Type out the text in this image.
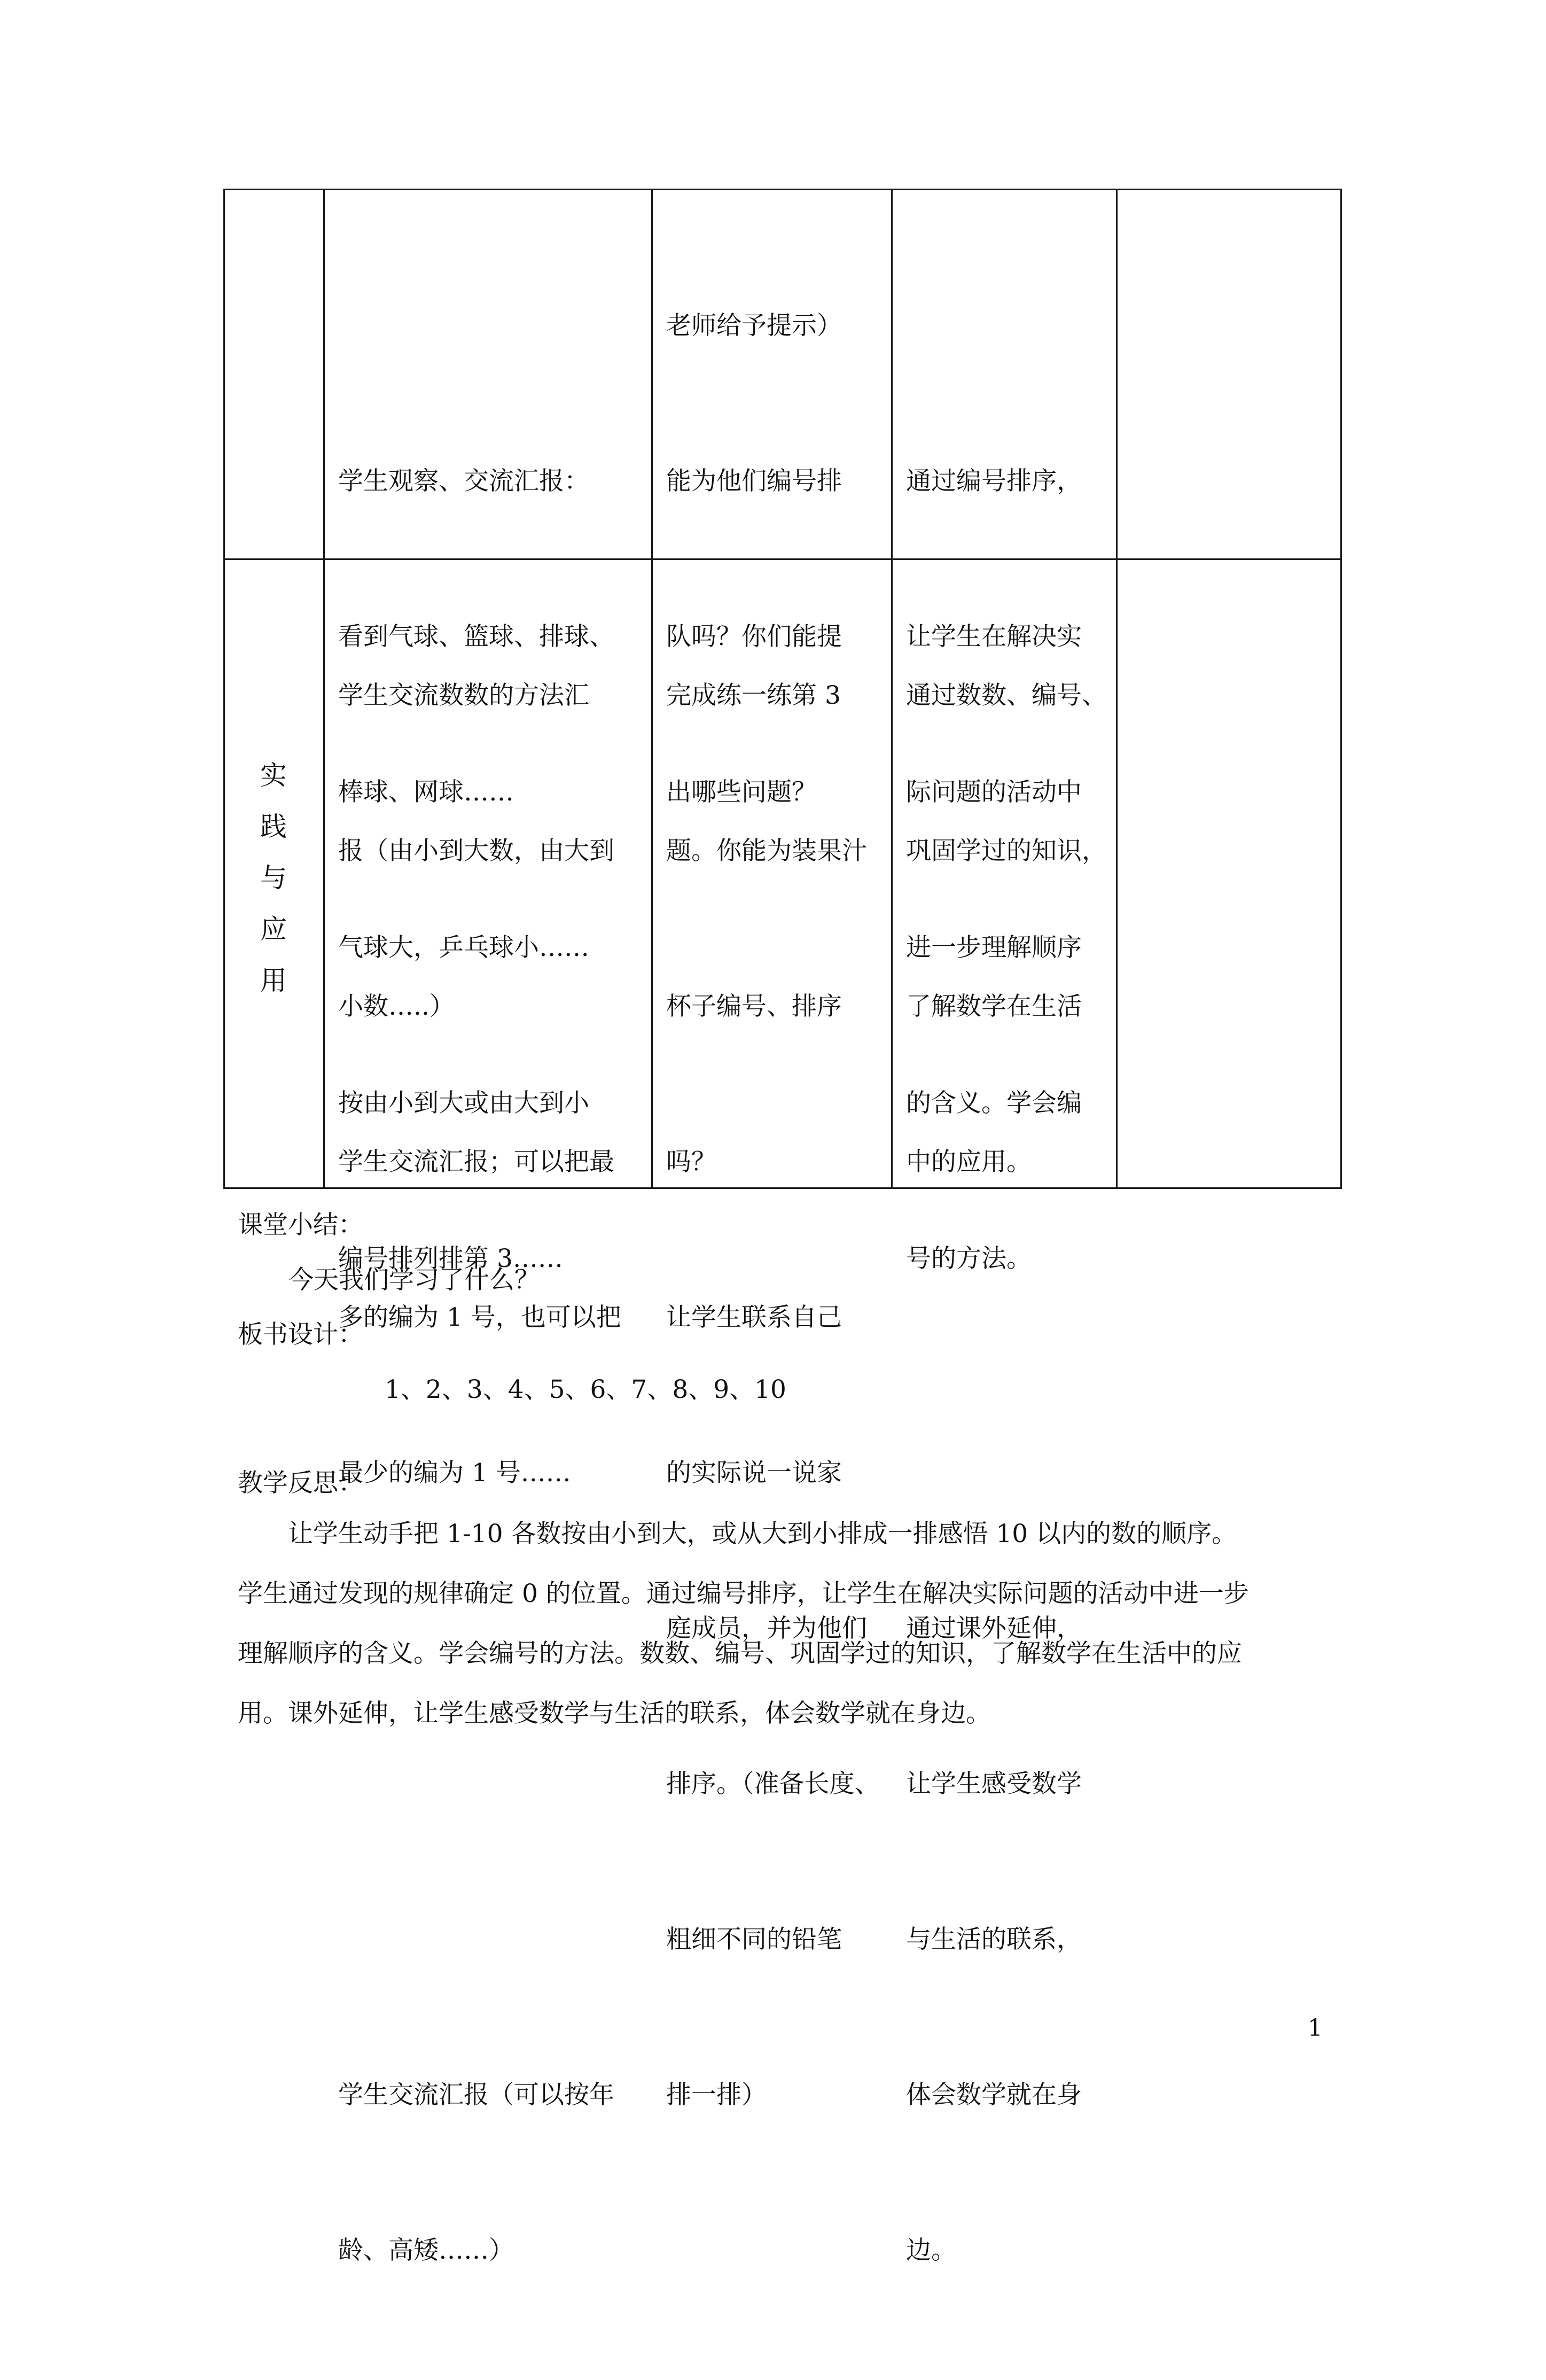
学生观察、交流汇报：

看到气球、篮球、排球、

棒球、网球……

气球大，乒乓球小……

按由小到大或由大到小

编号排列排第 3……

老师给予提示）

能为他们编号排

队吗？你们能提

出哪些问题？

通过编号排序，

让学生在解决实

际问题的活动中

进一步理解顺序

的含义。学会编

号的方法。

实
践
与
应
用

学生交流数数的方法汇

报（由小到大数，由大到

小数…..）

学生交流汇报；可以把最

多的编为 1 号，也可以把

最少的编为 1 号……

学生交流汇报（可以按年

龄、高矮……）

完成练一练第 3

题。你能为装果汁

杯子编号、排序

吗？

让学生联系自己

的实际说一说家

庭成员，并为他们

排序。（准备长度、

粗细不同的铅笔

排一排）

通过数数、编号、

巩固学过的知识，

了解数学在生活

中的应用。

通过课外延伸，

让学生感受数学

与生活的联系，

体会数学就在身

边。

课堂小结：
今天我们学习了什么？
板书设计：
1、2、3、4、5、6、7、8、9、10
教学反思：
让学生动手把 1-10 各数按由小到大，或从大到小排成一排感悟 10 以内的数的顺序。
学生通过发现的规律确定 0 的位置。通过编号排序，让学生在解决实际问题的活动中进一步
理解顺序的含义。学会编号的方法。数数、编号、巩固学过的知识，了解数学在生活中的应
用。课外延伸，让学生感受数学与生活的联系，体会数学就在身边。
1
